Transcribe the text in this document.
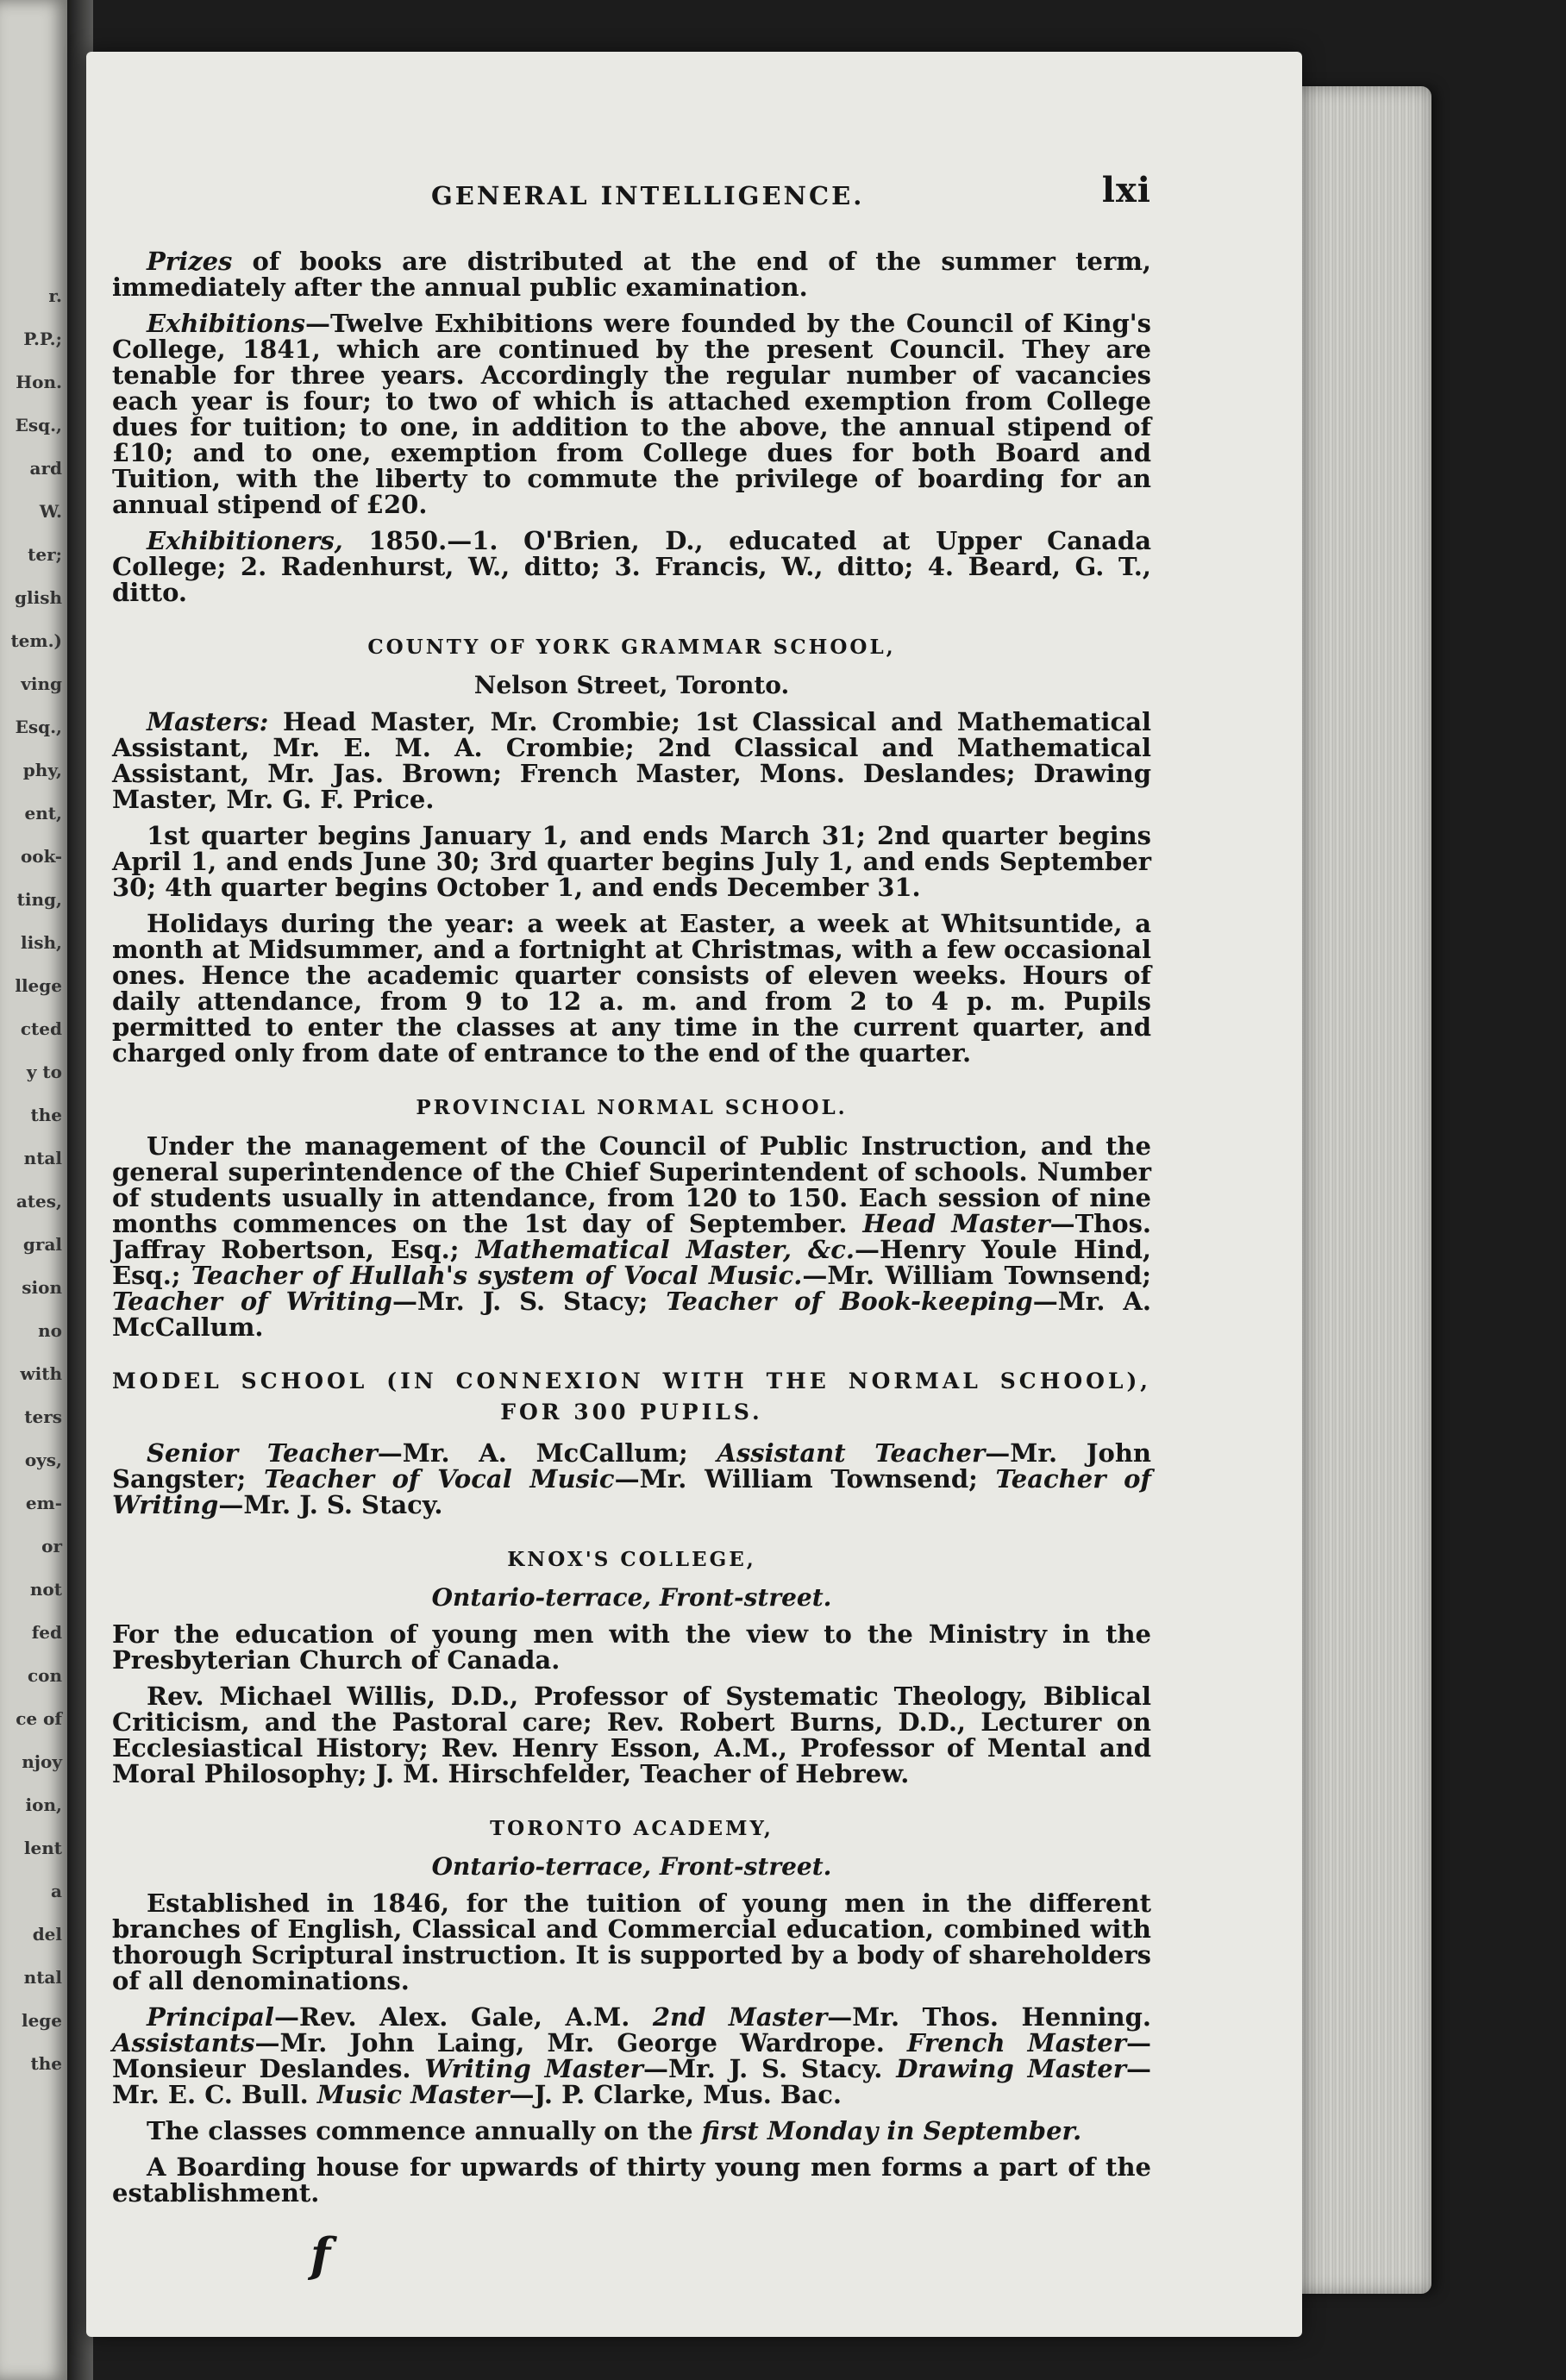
r.
P.P.;
Hon.
Esq.,
ard
W.
ter;
glish
tem.)
ving
Esq.,
phy,
ent,
ook-
ting,
lish,
llege
cted
y to
the
ntal
ates,
gral
sion
no
with
ters
oys,
em-
or
not
fed
con
ce of
njoy
ion,
lent
a
del
ntal
lege
the
GENERAL INTELLIGENCE.	lxi

Prizes of books are distributed at the end of the summer term, immediately after the annual public examination.

Exhibitions—Twelve Exhibitions were founded by the Council of King's College, 1841, which are continued by the present Council. They are tenable for three years. Accordingly the regular number of vacancies each year is four; to two of which is attached exemption from College dues for tuition; to one, in addition to the above, the annual stipend of £10; and to one, exemption from College dues for both Board and Tuition, with the liberty to commute the privilege of boarding for an annual stipend of £20.

Exhibitioners, 1850.—1. O'Brien, D., educated at Upper Canada College; 2. Radenhurst, W., ditto; 3. Francis, W., ditto; 4. Beard, G. T., ditto.

COUNTY OF YORK GRAMMAR SCHOOL,
Nelson Street, Toronto.

Masters: Head Master, Mr. Crombie; 1st Classical and Mathematical Assistant, Mr. E. M. A. Crombie; 2nd Classical and Mathematical Assistant, Mr. Jas. Brown; French Master, Mons. Deslandes; Drawing Master, Mr. G. F. Price.

1st quarter begins January 1, and ends March 31; 2nd quarter begins April 1, and ends June 30; 3rd quarter begins July 1, and ends September 30; 4th quarter begins October 1, and ends December 31.

Holidays during the year: a week at Easter, a week at Whitsuntide, a month at Midsummer, and a fortnight at Christmas, with a few occasional ones. Hence the academic quarter consists of eleven weeks. Hours of daily attendance, from 9 to 12 a. m. and from 2 to 4 p. m. Pupils permitted to enter the classes at any time in the current quarter, and charged only from date of entrance to the end of the quarter.

PROVINCIAL NORMAL SCHOOL.

Under the management of the Council of Public Instruction, and the general superintendence of the Chief Superintendent of schools. Number of students usually in attendance, from 120 to 150. Each session of nine months commences on the 1st day of September. Head Master—Thos. Jaffray Robertson, Esq.; Mathematical Master, &c.—Henry Youle Hind, Esq.; Teacher of Hullah's system of Vocal Music.—Mr. William Townsend; Teacher of Writing—Mr. J. S. Stacy; Teacher of Book-keeping—Mr. A. McCallum.

MODEL SCHOOL (IN CONNEXION WITH THE NORMAL SCHOOL), FOR 300 PUPILS.

Senior Teacher—Mr. A. McCallum; Assistant Teacher—Mr. John Sangster; Teacher of Vocal Music—Mr. William Townsend; Teacher of Writing—Mr. J. S. Stacy.

KNOX'S COLLEGE,
Ontario-terrace, Front-street.

For the education of young men with the view to the Ministry in the Presbyterian Church of Canada.

Rev. Michael Willis, D.D., Professor of Systematic Theology, Biblical Criticism, and the Pastoral care; Rev. Robert Burns, D.D., Lecturer on Ecclesiastical History; Rev. Henry Esson, A.M., Professor of Mental and Moral Philosophy; J. M. Hirschfelder, Teacher of Hebrew.

TORONTO ACADEMY,
Ontario-terrace, Front-street.

Established in 1846, for the tuition of young men in the different branches of English, Classical and Commercial education, combined with thorough Scriptural instruction. It is supported by a body of shareholders of all denominations.

Principal—Rev. Alex. Gale, A.M. 2nd Master—Mr. Thos. Henning. Assistants—Mr. John Laing, Mr. George Wardrope. French Master—Monsieur Deslandes. Writing Master—Mr. J. S. Stacy. Drawing Master—Mr. E. C. Bull. Music Master—J. P. Clarke, Mus. Bac.

The classes commence annually on the first Monday in September.

A Boarding house for upwards of thirty young men forms a part of the establishment.

f
